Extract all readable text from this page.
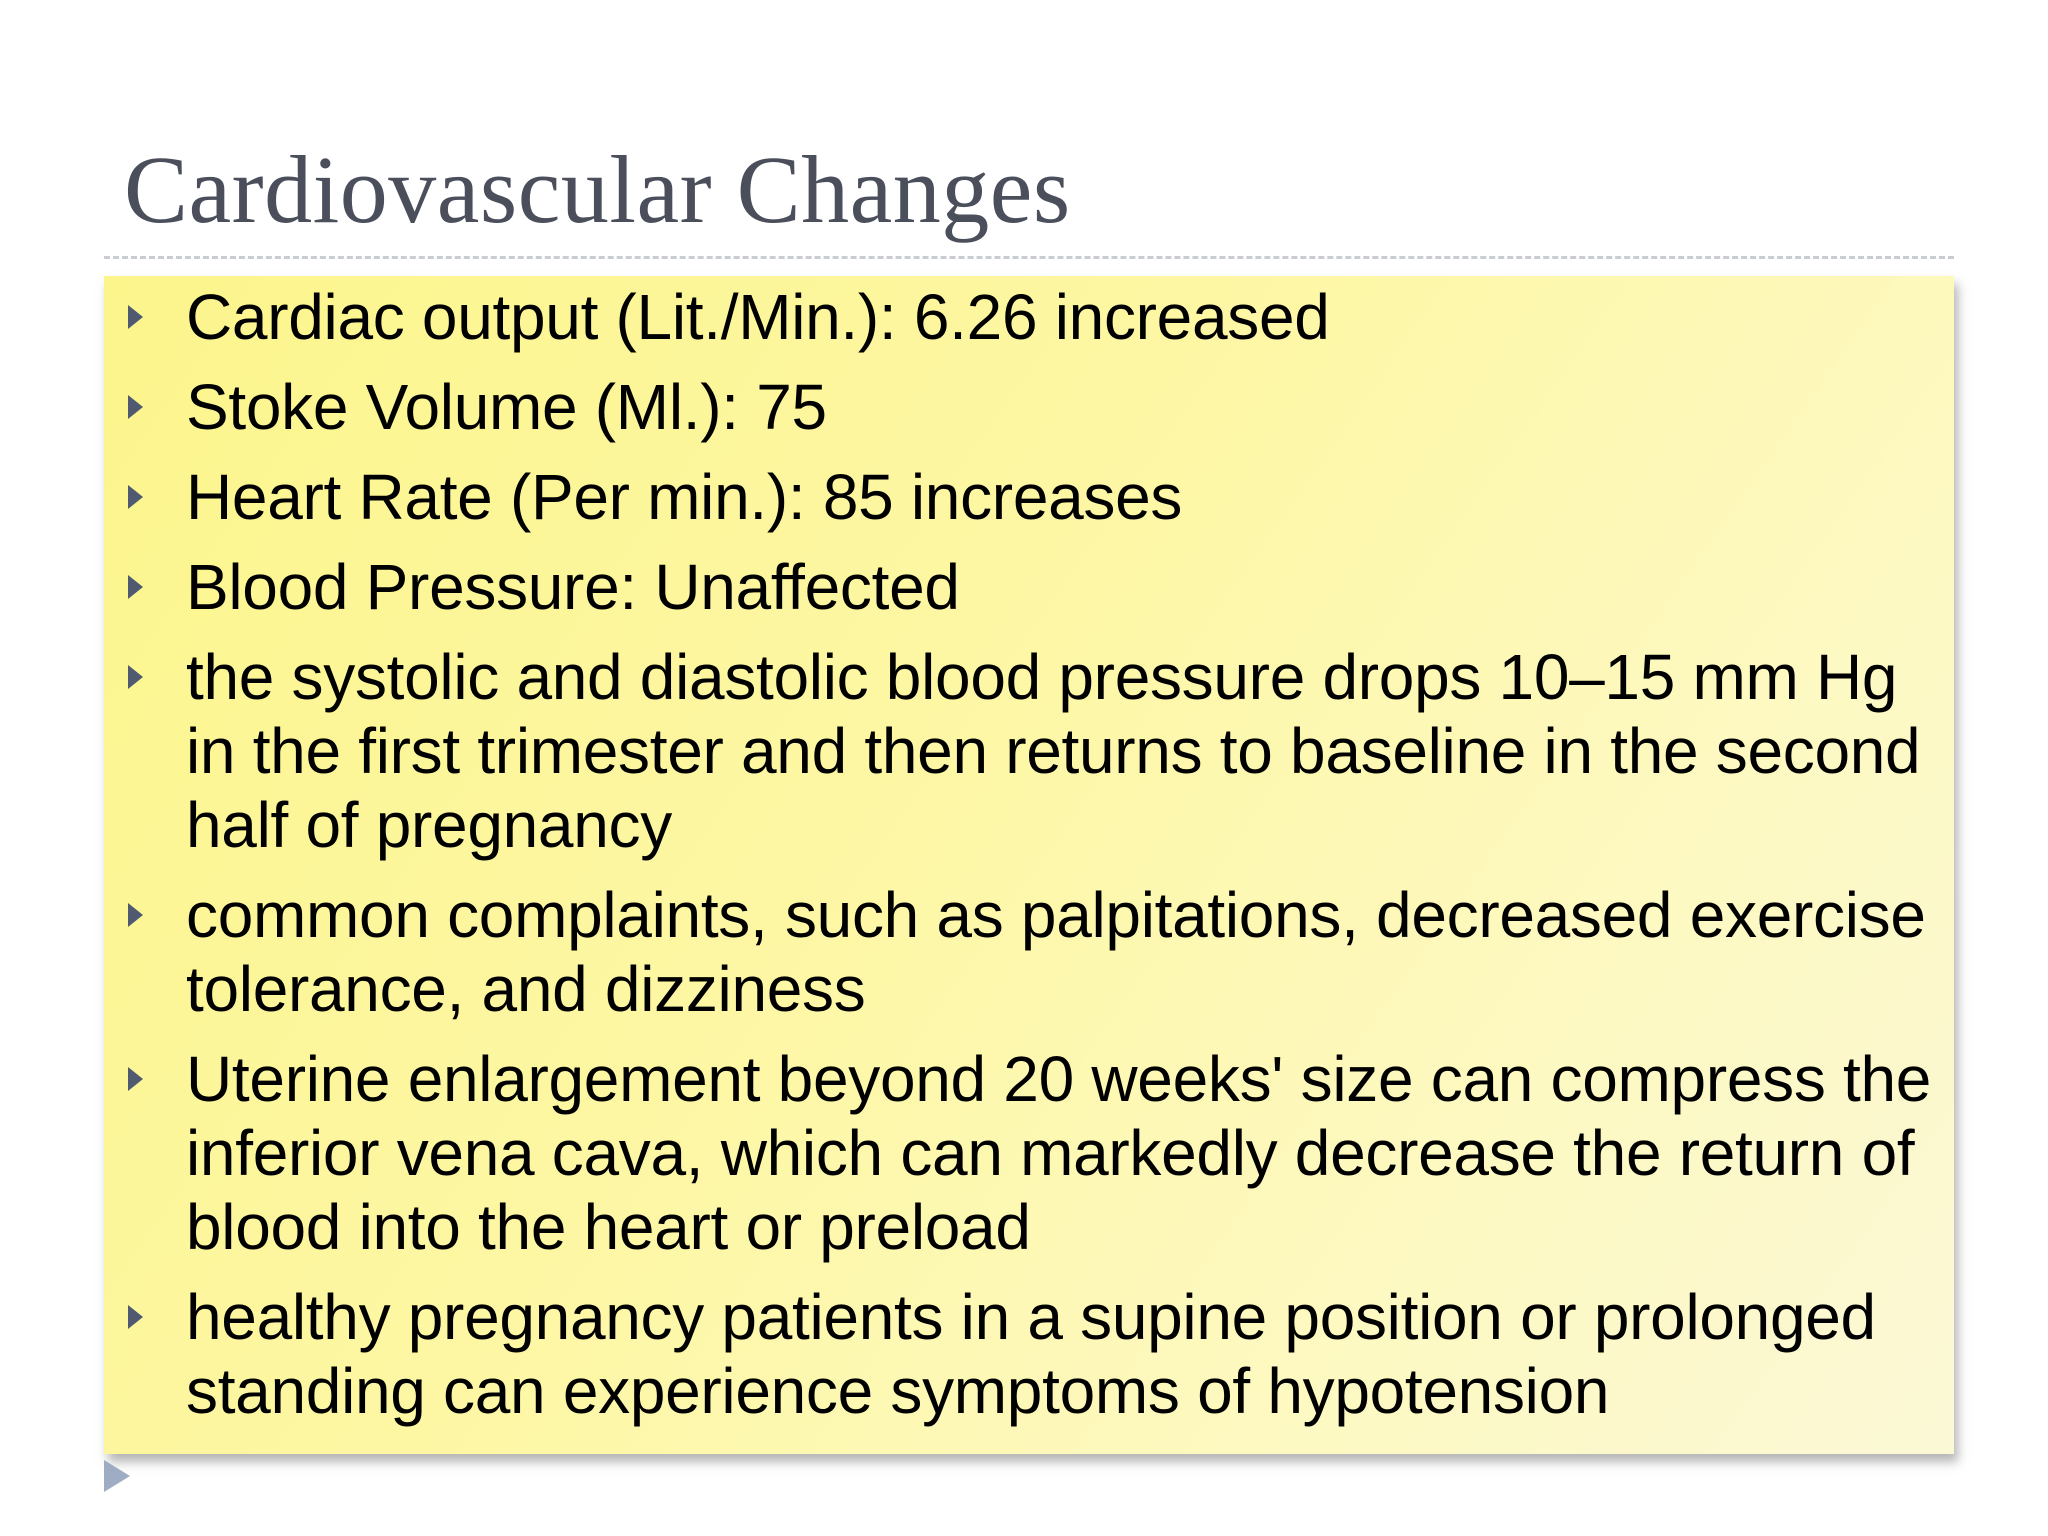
Cardiovascular Changes
Cardiac output (Lit./Min.): 6.26 increased
Stoke Volume (Ml.): 75
Heart Rate (Per min.): 85 increases
Blood Pressure: Unaffected
the systolic and diastolic blood pressure drops 10–15 mm Hg in the first trimester and then returns to baseline in the second half of pregnancy
common complaints, such as palpitations, decreased exercise tolerance, and dizziness
Uterine enlargement beyond 20 weeks' size can compress the inferior vena cava, which can markedly decrease the return of blood into the heart or preload
healthy pregnancy patients in a supine position or prolonged standing can experience symptoms of hypotension
